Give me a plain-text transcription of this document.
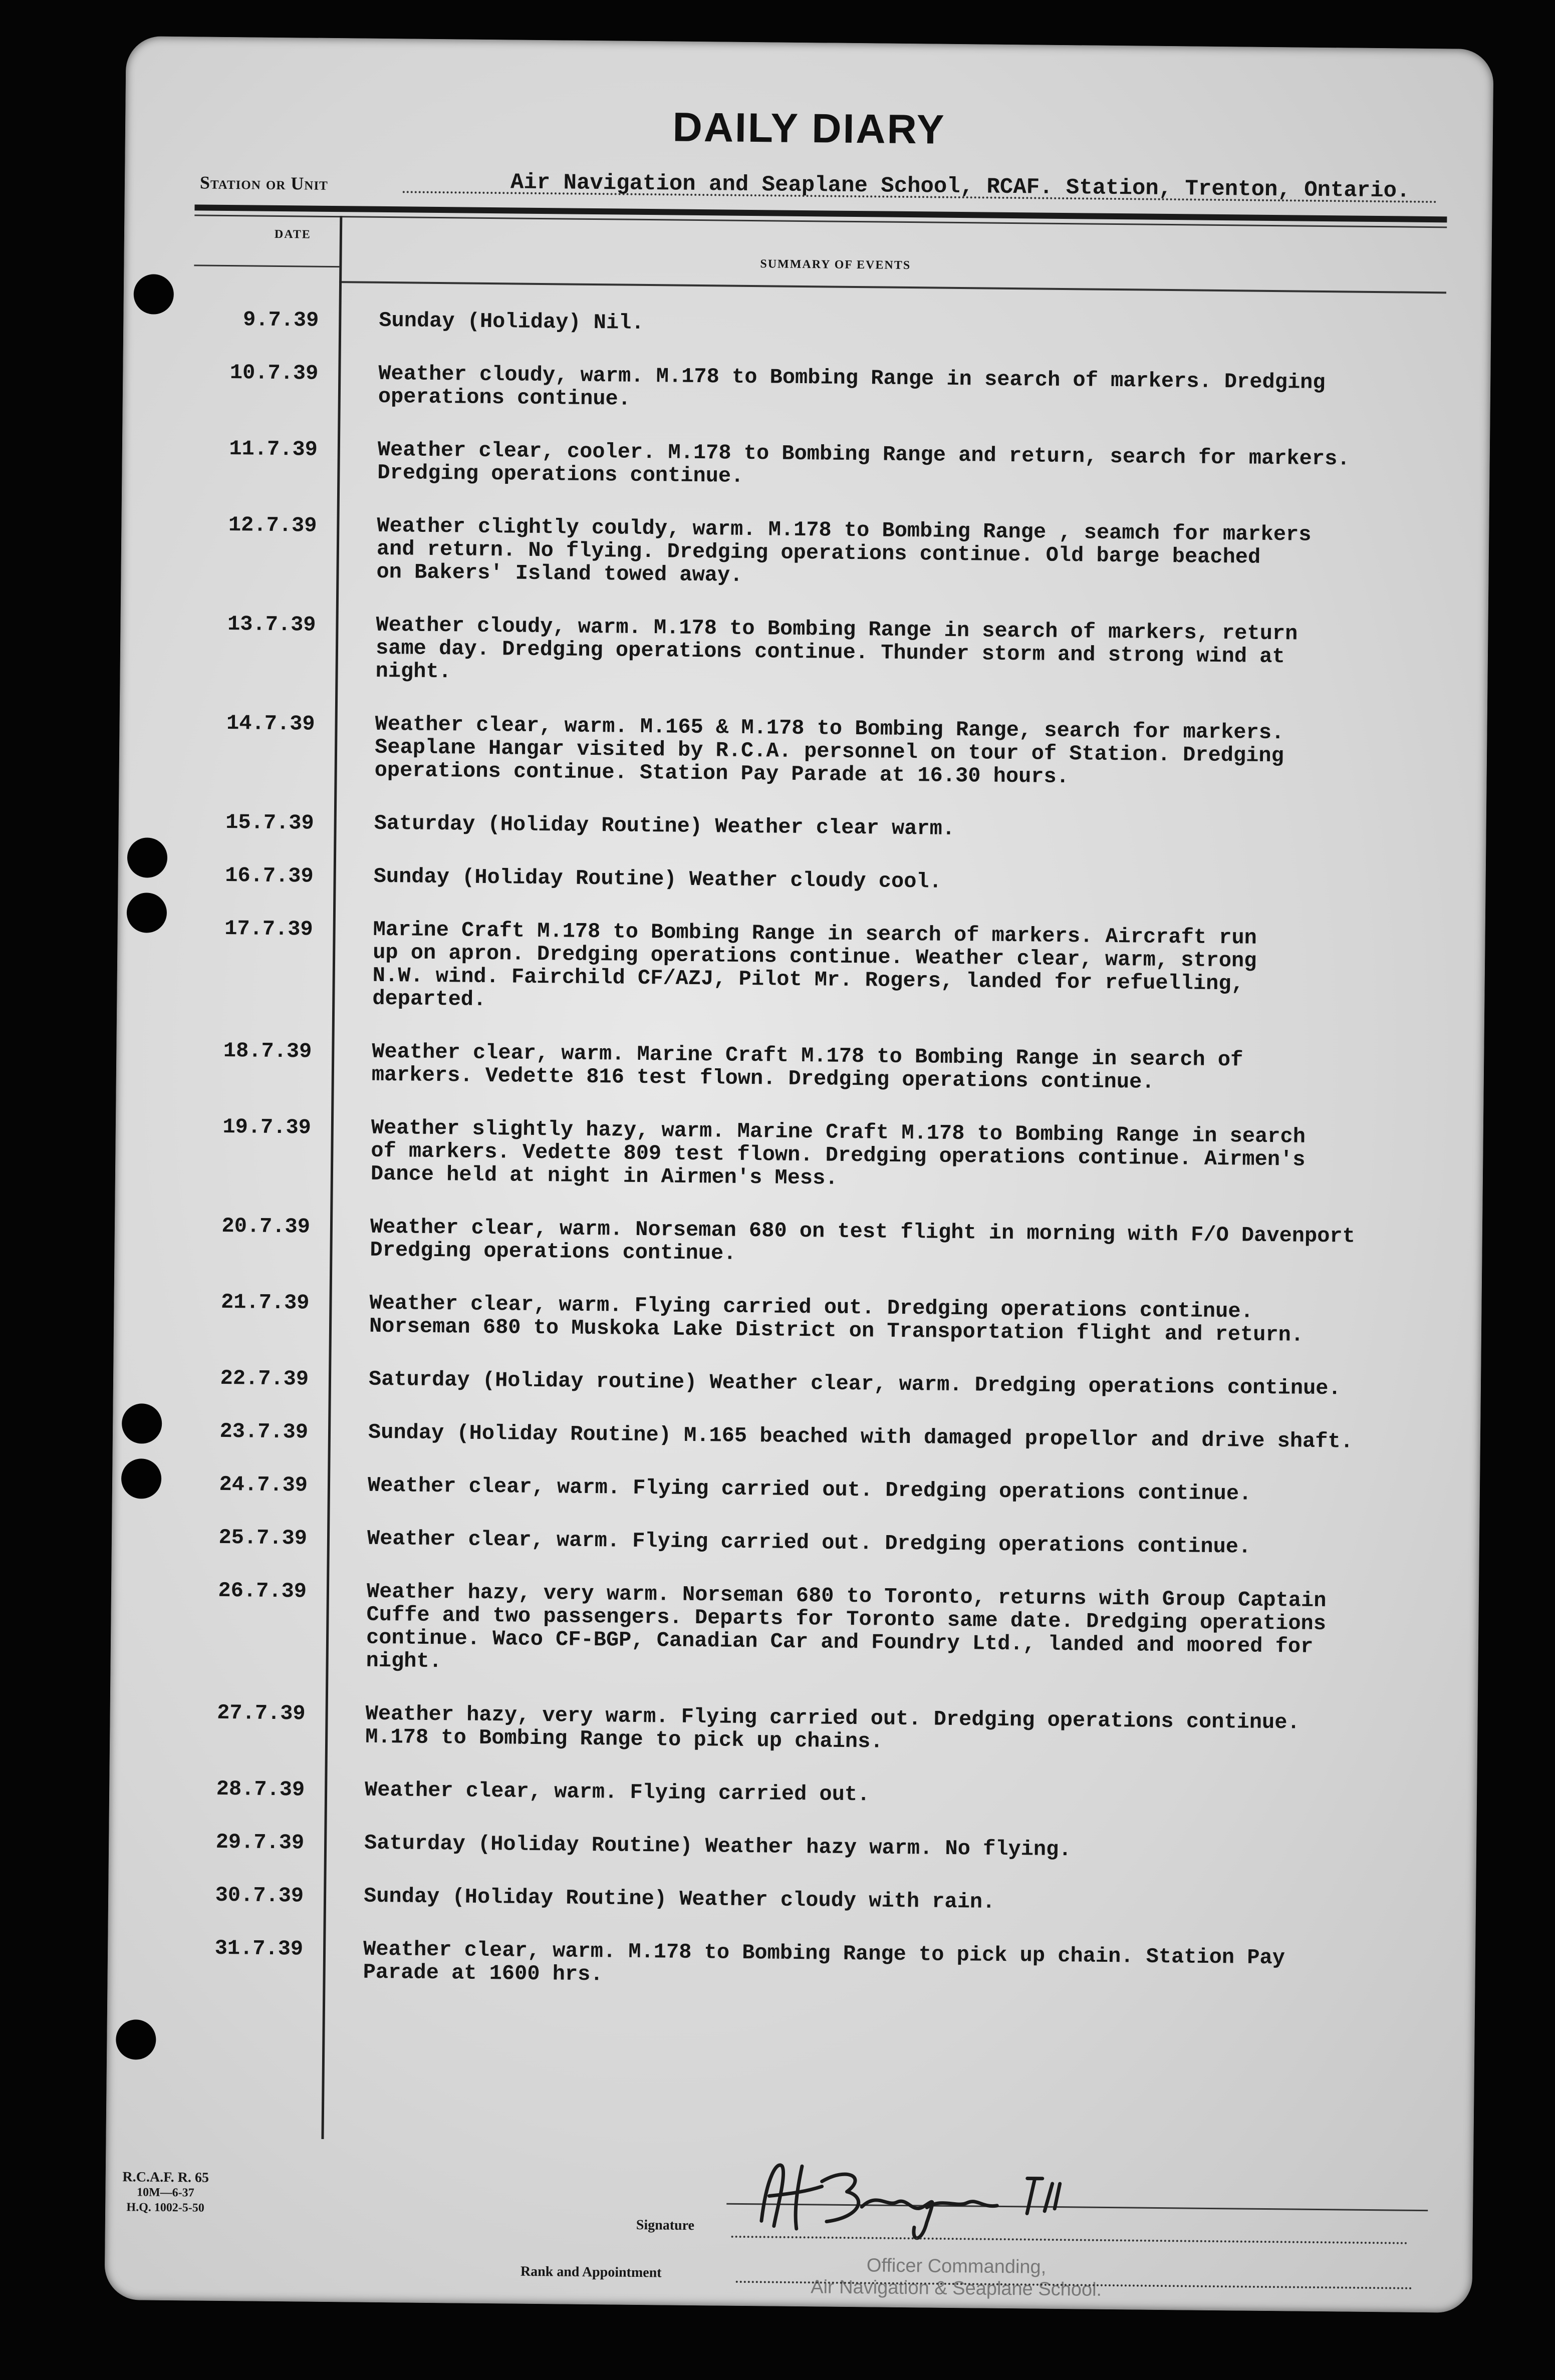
DAILY DIARY
Station or Unit	Air Navigation and Seaplane School, RCAF. Station, Trenton, Ontario.
DATE
SUMMARY OF EVENTS
9.7.39	Sunday (Holiday) Nil.
10.7.39	Weather cloudy, warm. M.178 to Bombing Range in search of markers. Dredging
operations continue.
11.7.39	Weather clear, cooler. M.178 to Bombing Range and return, search for markers.
Dredging operations continue.
12.7.39	Weather clightly couldy, warm. M.178 to Bombing Range , seamch for markers
and return. No flying. Dredging operations continue. Old barge beached
on Bakers' Island towed away.
13.7.39	Weather cloudy, warm. M.178 to Bombing Range in search of markers, return
same day. Dredging operations continue. Thunder storm and strong wind at
night.
14.7.39	Weather clear, warm. M.165 & M.178 to Bombing Range, search for markers.
Seaplane Hangar visited by R.C.A. personnel on tour of Station. Dredging
operations continue. Station Pay Parade at 16.30 hours.
15.7.39	Saturday (Holiday Routine) Weather clear warm.
16.7.39	Sunday (Holiday Routine) Weather cloudy cool.
17.7.39	Marine Craft M.178 to Bombing Range in search of markers. Aircraft run
up on apron. Dredging operations continue. Weather clear, warm, strong
N.W. wind. Fairchild CF/AZJ, Pilot Mr. Rogers, landed for refuelling,
departed.
18.7.39	Weather clear, warm. Marine Craft M.178 to Bombing Range in search of
markers. Vedette 816 test flown. Dredging operations continue.
19.7.39	Weather slightly hazy, warm. Marine Craft M.178 to Bombing Range in search
of markers. Vedette 809 test flown. Dredging operations continue. Airmen's
Dance held at night in Airmen's Mess.
20.7.39	Weather clear, warm. Norseman 680 on test flight in morning with F/O Davenport
Dredging operations continue.
21.7.39	Weather clear, warm. Flying carried out. Dredging operations continue.
Norseman 680 to Muskoka Lake District on Transportation flight and return.
22.7.39	Saturday (Holiday routine) Weather clear, warm. Dredging operations continue.
23.7.39	Sunday (Holiday Routine) M.165 beached with damaged propellor and drive shaft.
24.7.39	Weather clear, warm. Flying carried out. Dredging operations continue.
25.7.39	Weather clear, warm. Flying carried out. Dredging operations continue.
26.7.39	Weather hazy, very warm. Norseman 680 to Toronto, returns with Group Captain
Cuffe and two passengers. Departs for Toronto same date. Dredging operations
continue. Waco CF-BGP, Canadian Car and Foundry Ltd., landed and moored for
night.
27.7.39	Weather hazy, very warm. Flying carried out. Dredging operations continue.
M.178 to Bombing Range to pick up chains.
28.7.39	Weather clear, warm. Flying carried out.
29.7.39	Saturday (Holiday Routine) Weather hazy warm. No flying.
30.7.39	Sunday (Holiday Routine) Weather cloudy with rain.
31.7.39	Weather clear, warm. M.178 to Bombing Range to pick up chain. Station Pay
Parade at 1600 hrs.
R.C.A.F. R. 65
10M—6-37
H.Q. 1002-5-50
Signature
Rank and Appointment	Officer Commanding,
Air Navigation & Seaplane School.
